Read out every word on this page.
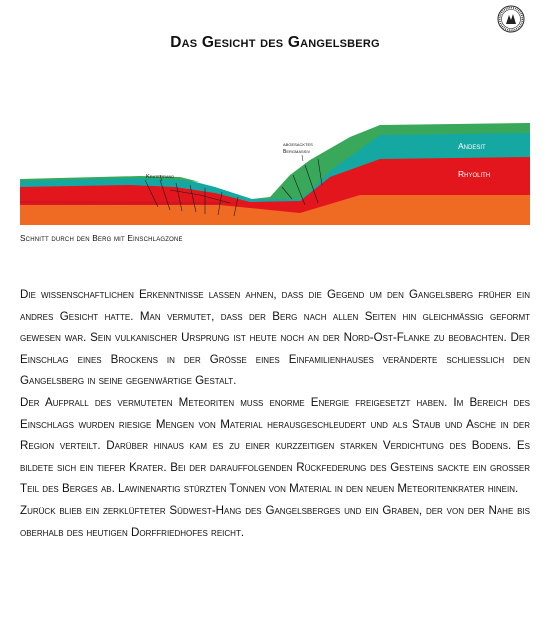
Das Gesicht des Gangelsberg
Kraterrand
abgesacktes
Bergmassiv
Andesit
Rhyolith
Schnitt durch den Berg mit Einschlagzone

Die wissenschaftlichen Erkenntnisse lassen ahnen, dass die Gegend um den Gangelsberg früher ein andres Gesicht hatte. Man vermutet, dass der Berg nach allen Seiten hin gleichmässig geformt gewesen war. Sein vulkanischer Ursprung ist heute noch an der Nord-Ost-Flanke zu beobachten. Der Einschlag eines Brockens in der Grösse eines Einfamilienhauses veränderte schliesslich den Gangelsberg in seine gegenwärtige Gestalt.

Der Aufprall des vermuteten Meteoriten muss enorme Energie freigesetzt haben. Im Bereich des Einschlags wurden riesige Mengen von Material herausgeschleudert und als Staub und Asche in der Region verteilt. Darüber hinaus kam es zu einer kurzzeitigen starken Verdichtung des Bodens. Es bildete sich ein tiefer Krater. Bei der darauffolgenden Rückfederung des Gesteins sackte ein grosser Teil des Berges ab. Lawinenartig stürzten Tonnen von Material in den neuen Meteoritenkrater hinein.

Zurück blieb ein zerklüfteter Südwest-Hang des Gangelsberges und ein Graben, der von der Nahe bis oberhalb des heutigen Dorffriedhofes reicht.
